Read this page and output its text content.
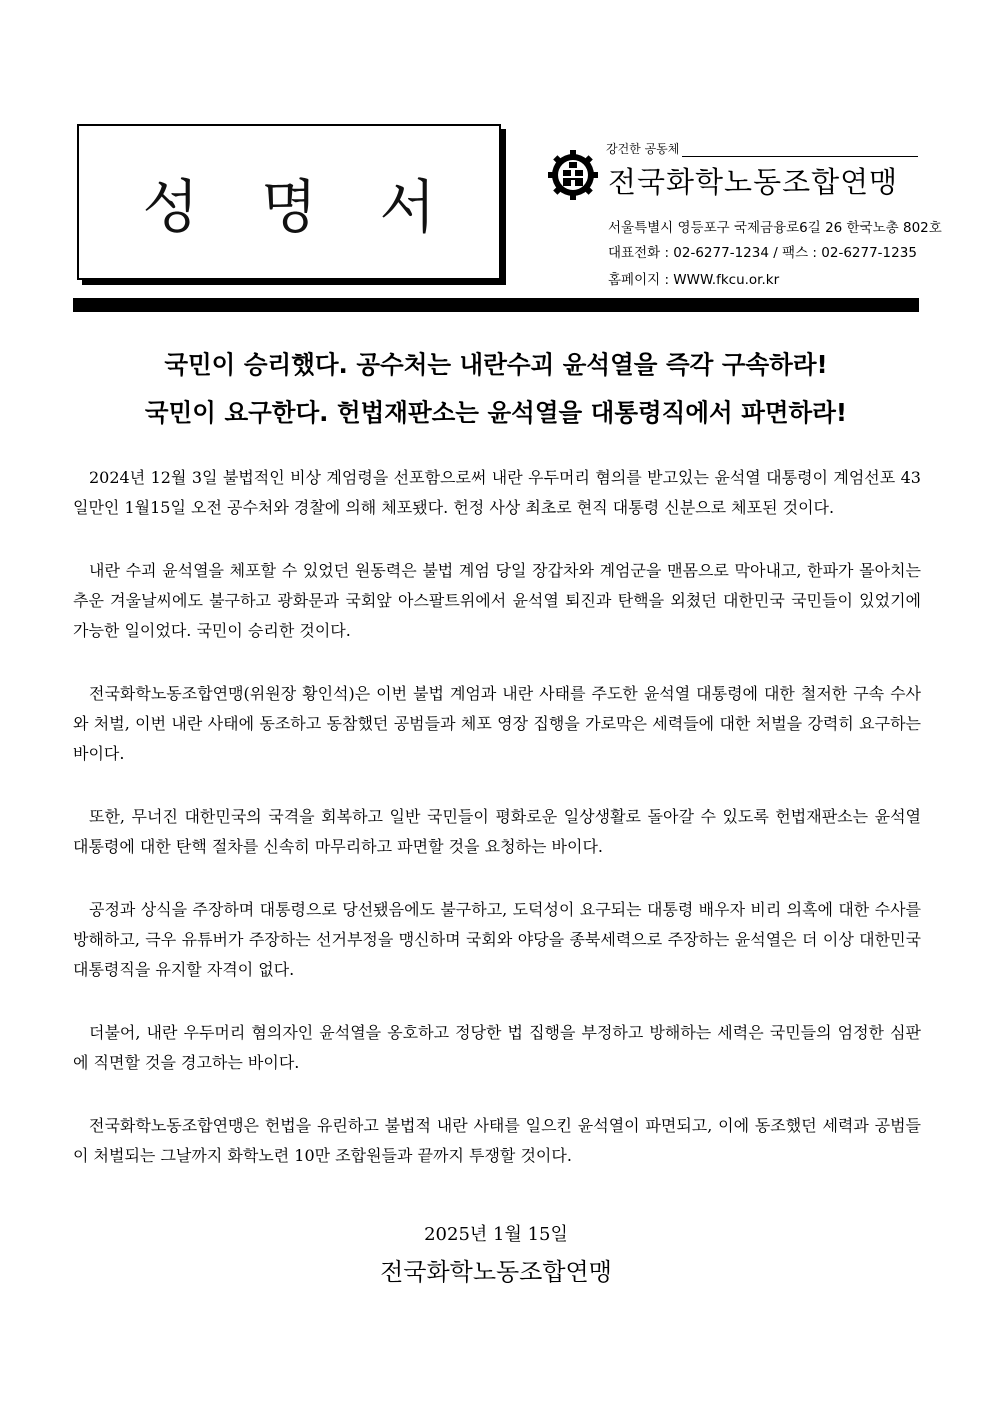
성 명 서
강건한 공동체
전국화학노동조합연맹
서울특별시 영등포구 국제금융로6길 26 한국노총 802호
대표전화 : 02-6277-1234 / 팩스 : 02-6277-1235
홈페이지 : WWW.fkcu.or.kr
국민이 승리했다. 공수처는 내란수괴 윤석열을 즉각 구속하라!
국민이 요구한다. 헌법재판소는 윤석열을 대통령직에서 파면하라!

2024년 12월 3일 불법적인 비상 계엄령을 선포함으로써 내란 우두머리 혐의를 받고있는 윤석열 대통령이 계엄선포 43일만인 1월15일 오전 공수처와 경찰에 의해 체포됐다. 헌정 사상 최초로 현직 대통령 신분으로 체포된 것이다.

내란 수괴 윤석열을 체포할 수 있었던 원동력은 불법 계엄 당일 장갑차와 계엄군을 맨몸으로 막아내고, 한파가 몰아치는 추운 겨울날씨에도 불구하고 광화문과 국회앞 아스팔트위에서 윤석열 퇴진과 탄핵을 외쳤던 대한민국 국민들이 있었기에 가능한 일이었다. 국민이 승리한 것이다.

전국화학노동조합연맹(위원장 황인석)은 이번 불법 계엄과 내란 사태를 주도한 윤석열 대통령에 대한 철저한 구속 수사와 처벌, 이번 내란 사태에 동조하고 동참했던 공범들과 체포 영장 집행을 가로막은 세력들에 대한 처벌을 강력히 요구하는 바이다.

또한, 무너진 대한민국의 국격을 회복하고 일반 국민들이 평화로운 일상생활로 돌아갈 수 있도록 헌법재판소는 윤석열 대통령에 대한 탄핵 절차를 신속히 마무리하고 파면할 것을 요청하는 바이다.

공정과 상식을 주장하며 대통령으로 당선됐음에도 불구하고, 도덕성이 요구되는 대통령 배우자 비리 의혹에 대한 수사를 방해하고, 극우 유튜버가 주장하는 선거부정을 맹신하며 국회와 야당을 종북세력으로 주장하는 윤석열은 더 이상 대한민국 대통령직을 유지할 자격이 없다.

더불어, 내란 우두머리 혐의자인 윤석열을 옹호하고 정당한 법 집행을 부정하고 방해하는 세력은 국민들의 엄정한 심판에 직면할 것을 경고하는 바이다.

전국화학노동조합연맹은 헌법을 유린하고 불법적 내란 사태를 일으킨 윤석열이 파면되고, 이에 동조했던 세력과 공범들이 처벌되는 그날까지 화학노련 10만 조합원들과 끝까지 투쟁할 것이다.

2025년 1월 15일
전국화학노동조합연맹
